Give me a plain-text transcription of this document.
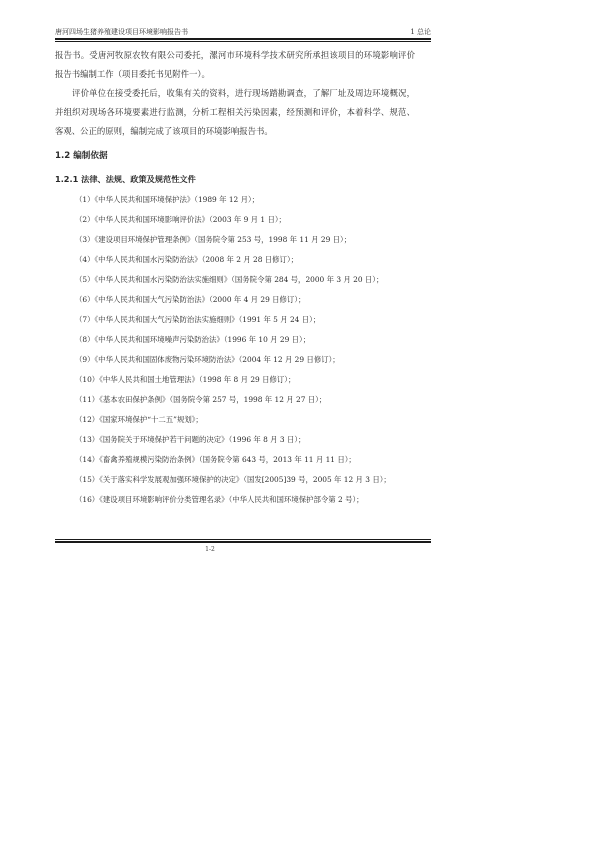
唐河四场生猪养殖建设项目环境影响报告书	1 总论

报告书。受唐河牧原农牧有限公司委托，漯河市环境科学技术研究所承担该项目的环境影响评价报告书编制工作（项目委托书见附件一）。

评价单位在接受委托后，收集有关的资料，进行现场踏勘调查，了解厂址及周边环境概况，并组织对现场各环境要素进行监测，分析工程相关污染因素，经预测和评价，本着科学、规范、客观、公正的原则，编制完成了该项目的环境影响报告书。

1.2 编制依据
1.2.1 法律、法规、政策及规范性文件

（1）《中华人民共和国环境保护法》（1989 年 12 月）；

（2）《中华人民共和国环境影响评价法》（2003 年 9 月 1 日）；

（3）《建设项目环境保护管理条例》（国务院令第 253 号，1998 年 11 月 29 日）；

（4）《中华人民共和国水污染防治法》（2008 年 2 月 28 日修订）；

（5）《中华人民共和国水污染防治法实施细则》（国务院令第 284 号，2000 年 3 月 20 日）；

（6）《中华人民共和国大气污染防治法》（2000 年 4 月 29 日修订）；

（7）《中华人民共和国大气污染防治法实施细则》（1991 年 5 月 24 日）；

（8）《中华人民共和国环境噪声污染防治法》（1996 年 10 月 29 日）；

（9）《中华人民共和国固体废物污染环境防治法》（2004 年 12 月 29 日修订）；

（10）《中华人民共和国土地管理法》（1998 年 8 月 29 日修订）；

（11）《基本农田保护条例》（国务院令第 257 号，1998 年 12 月 27 日）；

（12）《国家环境保护“十二五”规划》；

（13）《国务院关于环境保护若干问题的决定》（1996 年 8 月 3 日）；

（14）《畜禽养殖规模污染防治条例》（国务院令第 643 号，2013 年 11 月 11 日）；

（15）《关于落实科学发展观加强环境保护的决定》（国发[2005]39 号，2005 年 12 月 3 日）；

（16）《建设项目环境影响评价分类管理名录》（中华人民共和国环境保护部令第 2 号）；

1-2
